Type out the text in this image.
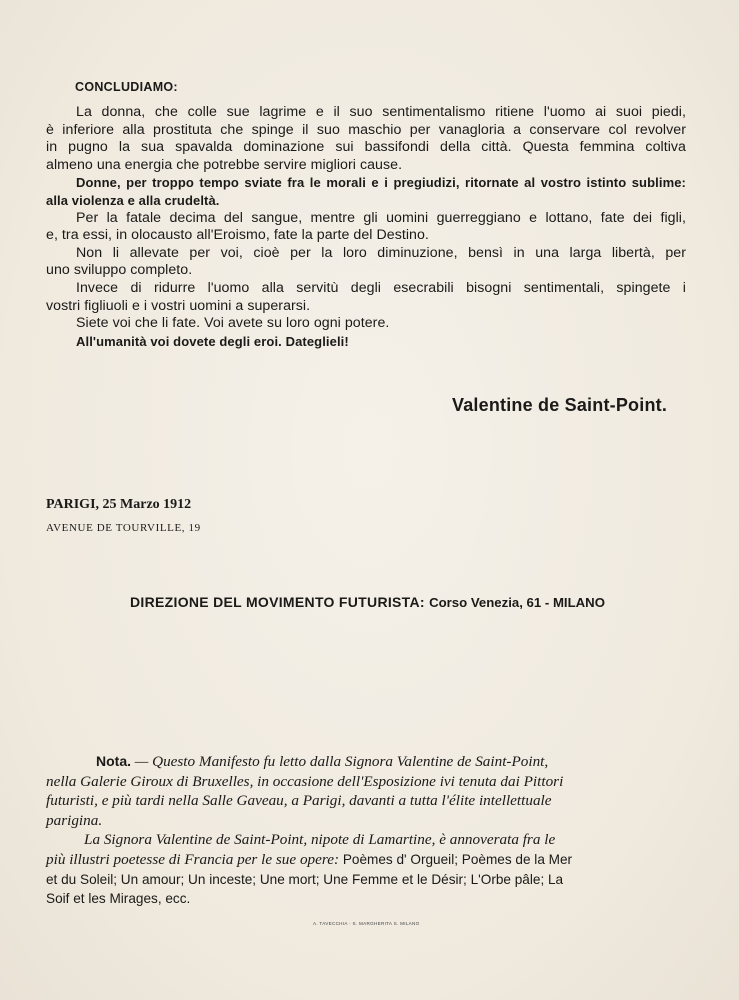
CONCLUDIAMO:
La donna, che colle sue lagrime e il suo sentimentalismo ritiene l'uomo ai suoi piedi,
è inferiore alla prostituta che spinge il suo maschio per vanagloria a conservare col revolver
in pugno la sua spavalda dominazione sui bassifondi della città. Questa femmina coltiva
almeno una energia che potrebbe servire migliori cause.
Donne, per troppo tempo sviate fra le morali e i pregiudizi, ritornate al vostro istinto sublime:
alla violenza e alla crudeltà.
Per la fatale decima del sangue, mentre gli uomini guerreggiano e lottano, fate dei figli,
e, tra essi, in olocausto all'Eroismo, fate la parte del Destino.
Non li allevate per voi, cioè per la loro diminuzione, bensì in una larga libertà, per
uno sviluppo completo.
Invece di ridurre l'uomo alla servitù degli esecrabili bisogni sentimentali, spingete i
vostri figliuoli e i vostri uomini a superarsi.
Siete voi che li fate. Voi avete su loro ogni potere.
All'umanità voi dovete degli eroi. Dateglieli!
Valentine de Saint-Point.
PARIGI, 25 Marzo 1912
AVENUE DE TOURVILLE, 19
DIREZIONE DEL MOVIMENTO FUTURISTA: Corso Venezia, 61 - MILANO
Nota. — Questo Manifesto fu letto dalla Signora Valentine de Saint-Point,
nella Galerie Giroux di Bruxelles, in occasione dell'Esposizione ivi tenuta dai Pittori
futuristi, e più tardi nella Salle Gaveau, a Parigi, davanti a tutta l'élite intellettuale
parigina.
La Signora Valentine de Saint-Point, nipote di Lamartine, è annoverata fra le
più illustri poetesse di Francia per le sue opere: Poèmes d' Orgueil; Poèmes de la Mer
et du Soleil; Un amour; Un inceste; Une mort; Une Femme et le Désir; L'Orbe pâle; La
Soif et les Mirages, ecc.
A. TAVECCHIA · S. MARGHERITA S. MILANO
